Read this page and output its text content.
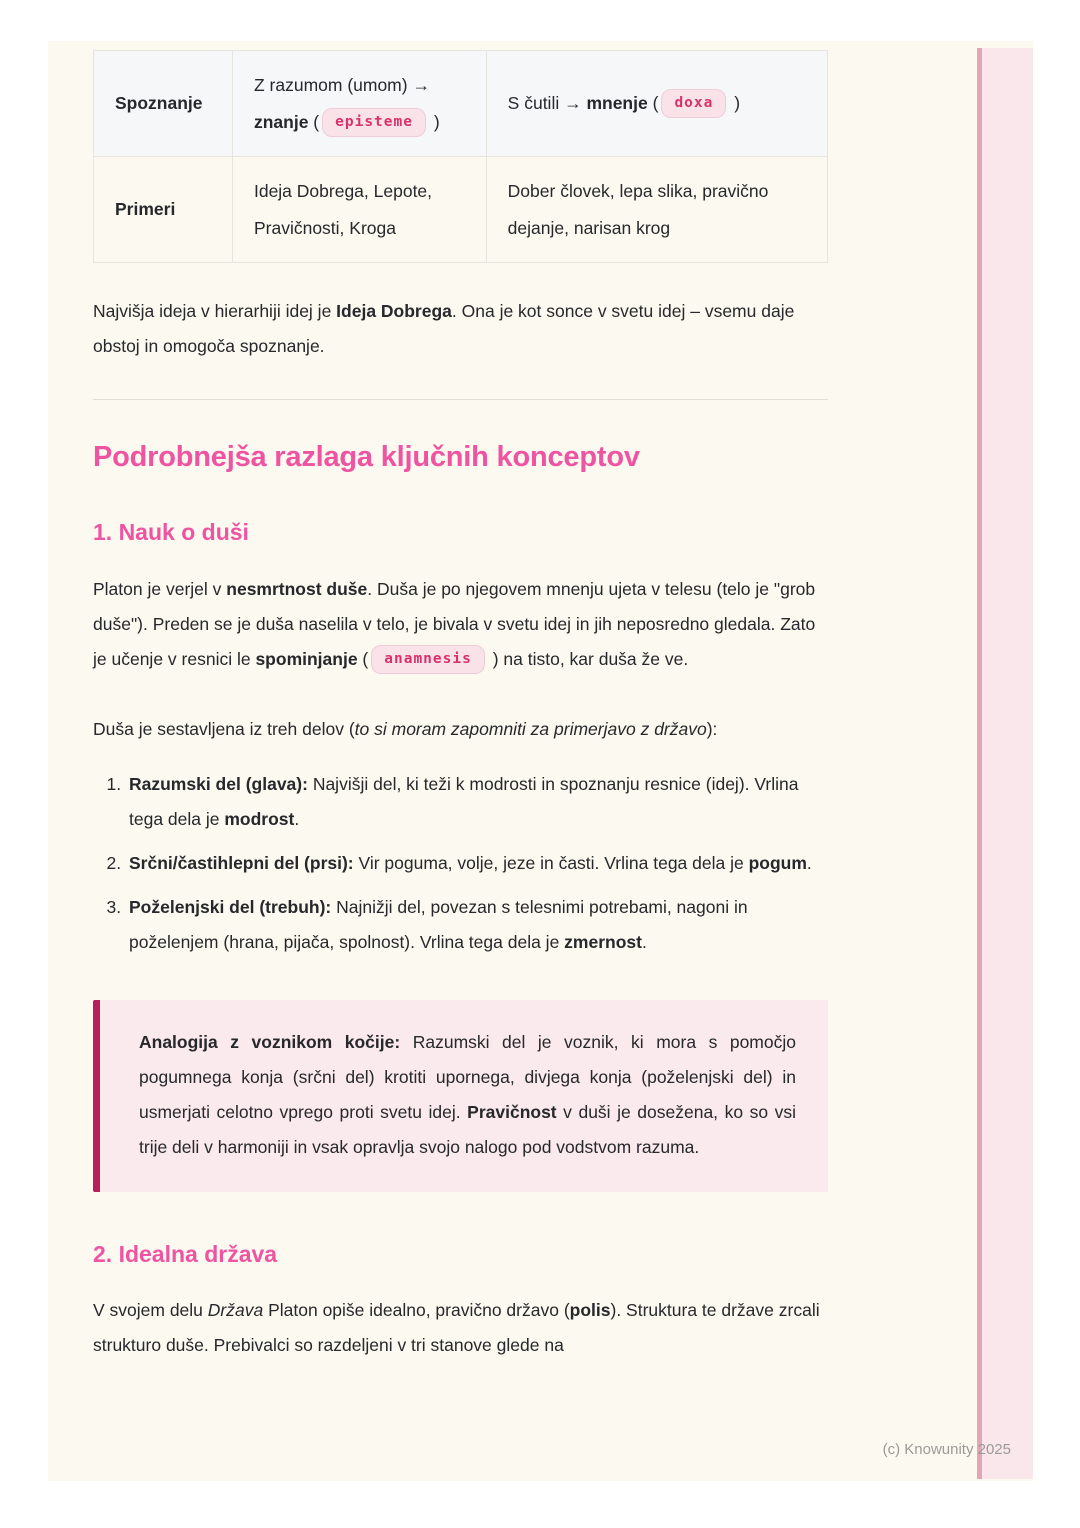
Spoznanje	Z razumom (umom) → znanje ( episteme )	S čutili → mnenje ( doxa )
Primeri	Ideja Dobrega, Lepote, Pravičnosti, Kroga	Dober človek, lepa slika, pravično dejanje, narisan krog

Najvišja ideja v hierarhiji idej je Ideja Dobrega. Ona je kot sonce v svetu idej – vsemu daje obstoj in omogoča spoznanje.

Podrobnejša razlaga ključnih konceptov
1. Nauk o duši

Platon je verjel v nesmrtnost duše. Duša je po njegovem mnenju ujeta v telesu (telo je "grob duše"). Preden se je duša naselila v telo, je bivala v svetu idej in jih neposredno gledala. Zato je učenje v resnici le spominjanje ( anamnesis ) na tisto, kar duša že ve.

Duša je sestavljena iz treh delov (to si moram zapomniti za primerjavo z državo):

1. Razumski del (glava): Najvišji del, ki teži k modrosti in spoznanju resnice (idej). Vrlina tega dela je modrost.
2. Srčni/častihlepni del (prsi): Vir poguma, volje, jeze in časti. Vrlina tega dela je pogum.
3. Poželenjski del (trebuh): Najnižji del, povezan s telesnimi potrebami, nagoni in poželenjem (hrana, pijača, spolnost). Vrlina tega dela je zmernost.
Analogija z voznikom kočije: Razumski del je voznik, ki mora s pomočjo pogumnega konja (srčni del) krotiti upornega, divjega konja (poželenjski del) in usmerjati celotno vprego proti svetu idej. Pravičnost v duši je dosežena, ko so vsi trije deli v harmoniji in vsak opravlja svojo nalogo pod vodstvom razuma.
2. Idealna država

V svojem delu Država Platon opiše idealno, pravično državo (polis). Struktura te države zrcali strukturo duše. Prebivalci so razdeljeni v tri stanove glede na

(c) Knowunity 2025
